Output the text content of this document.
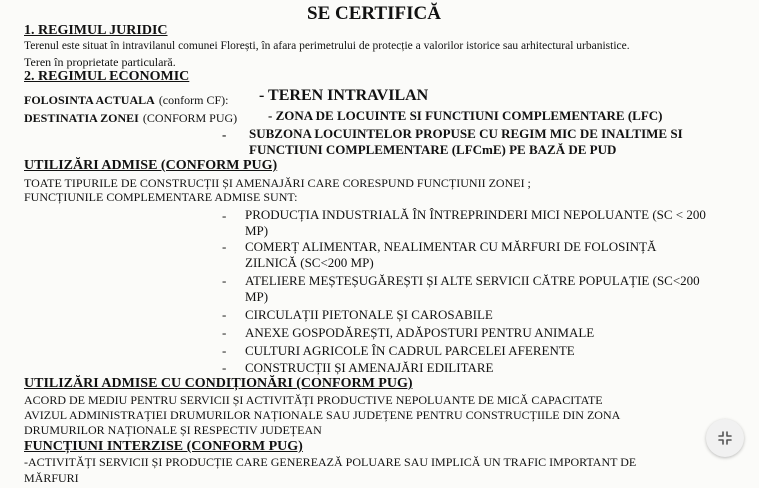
SE CERTIFICĂ
1. REGIMUL JURIDIC
Terenul este situat în intravilanul comunei Florești, în afara perimetrului de protecție a valorilor istorice sau arhitectural urbanistice.
Teren în proprietate particulară.
2. REGIMUL ECONOMIC
FOLOSINTA ACTUALA (conform CF): - TEREN INTRAVILAN
DESTINATIA ZONEI (CONFORM PUG) - ZONA DE LOCUINTE SI FUNCTIUNI COMPLEMENTARE (LFC)
- SUBZONA LOCUINTELOR PROPUSE CU REGIM MIC DE INALTIME SI
FUNCTIUNI COMPLEMENTARE (LFCmE) PE BAZĂ DE PUD
UTILIZĂRI ADMISE (CONFORM PUG)
TOATE TIPURILE DE CONSTRUCȚII ȘI AMENAJĂRI CARE CORESPUND FUNCȚIUNII ZONEI ;
FUNCȚIUNILE COMPLEMENTARE ADMISE SUNT:
- PRODUCȚIA INDUSTRIALĂ ÎN ÎNTREPRINDERI MICI NEPOLUANTE (SC < 200
MP)
- COMERȚ ALIMENTAR, NEALIMENTAR CU MĂRFURI DE FOLOSINȚĂ
ZILNICĂ (SC<200 MP)
- ATELIERE MEȘTEȘUGĂREȘTI ȘI ALTE SERVICII CĂTRE POPULAȚIE (SC<200
MP)
- CIRCULAȚII PIETONALE ȘI CAROSABILE
- ANEXE GOSPODĂREȘTI, ADĂPOSTURI PENTRU ANIMALE
- CULTURI AGRICOLE ÎN CADRUL PARCELEI AFERENTE
- CONSTRUCȚII ȘI AMENAJĂRI EDILITARE
UTILIZĂRI ADMISE CU CONDIȚIONĂRI (CONFORM PUG)
ACORD DE MEDIU PENTRU SERVICII ȘI ACTIVITĂȚI PRODUCTIVE NEPOLUANTE DE MICĂ CAPACITATE
AVIZUL ADMINISTRAȚIEI DRUMURILOR NAȚIONALE SAU JUDEȚENE PENTRU CONSTRUCȚIILE DIN ZONA
DRUMURILOR NAȚIONALE ȘI RESPECTIV JUDEȚEAN
FUNCȚIUNI INTERZISE (CONFORM PUG)
-ACTIVITĂȚI SERVICII ȘI PRODUCȚIE CARE GENEREAZĂ POLUARE SAU IMPLICĂ UN TRAFIC IMPORTANT DE
MĂRFURI
